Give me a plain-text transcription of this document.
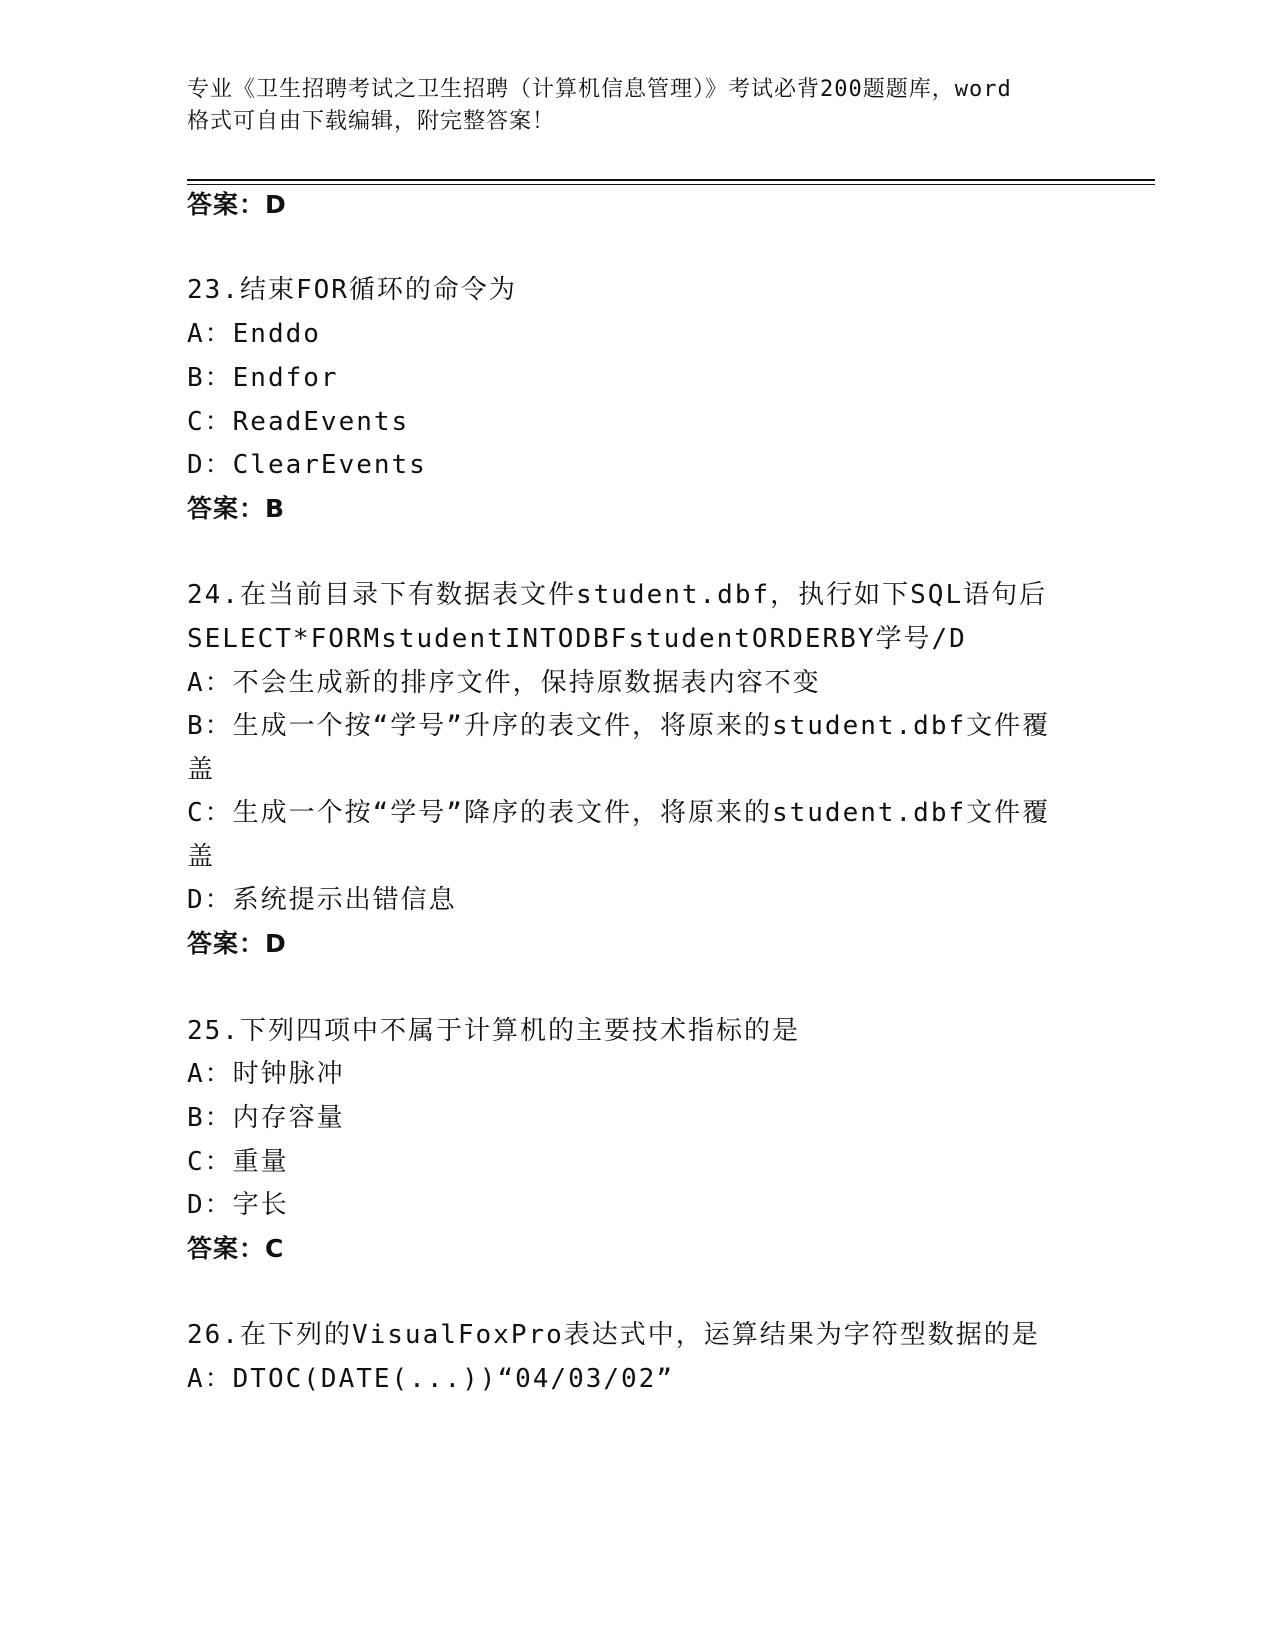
专业《卫生招聘考试之卫生招聘（计算机信息管理）》考试必背200题题库，word
格式可自由下载编辑，附完整答案！
答案：D
23.结束FOR循环的命令为
A：Enddo
B：Endfor
C：ReadEvents
D：ClearEvents
答案：B
24.在当前目录下有数据表文件student.dbf，执行如下SQL语句后
SELECT*FORMstudentINTODBFstudentORDERBY学号/D
A：不会生成新的排序文件，保持原数据表内容不变
B：生成一个按“学号”升序的表文件，将原来的student.dbf文件覆
盖
C：生成一个按“学号”降序的表文件，将原来的student.dbf文件覆
盖
D：系统提示出错信息
答案：D
25.下列四项中不属于计算机的主要技术指标的是
A：时钟脉冲
B：内存容量
C：重量
D：字长
答案：C
26.在下列的VisualFoxPro表达式中，运算结果为字符型数据的是
A：DTOC(DATE(...))“04/03/02”
